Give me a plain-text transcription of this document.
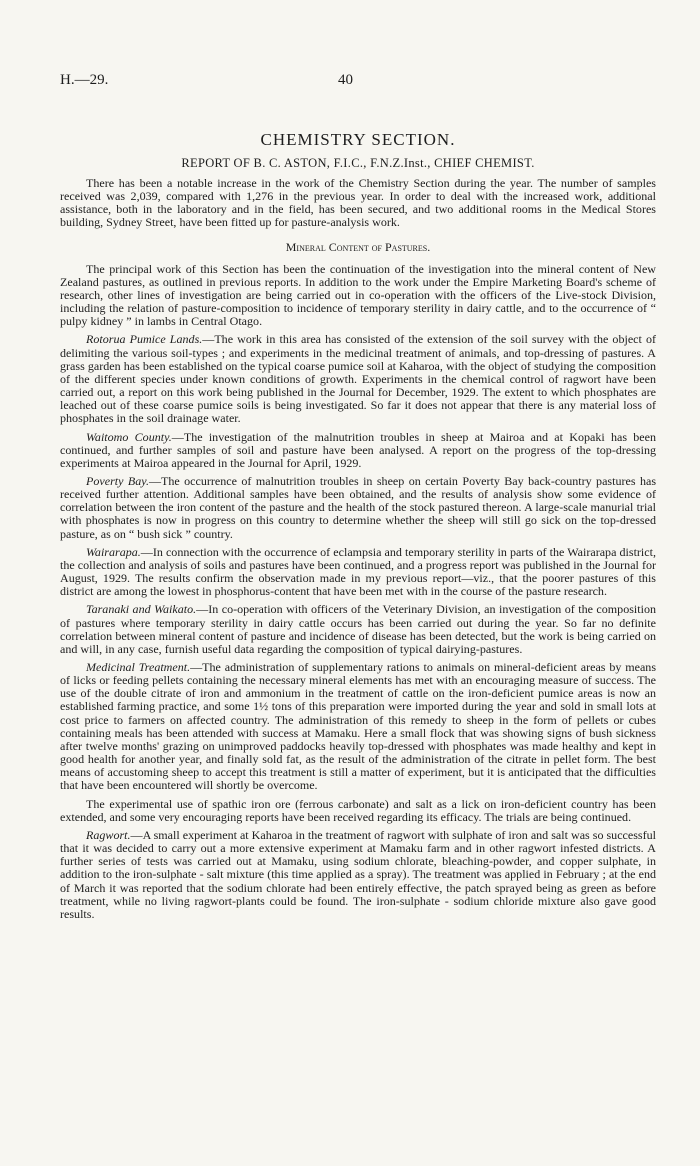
H.—29.	40
CHEMISTRY SECTION.
REPORT OF B. C. ASTON, F.I.C., F.N.Z.Inst., CHIEF CHEMIST.

There has been a notable increase in the work of the Chemistry Section during the year. The number of samples received was 2,039, compared with 1,276 in the previous year. In order to deal with the increased work, additional assistance, both in the laboratory and in the field, has been secured, and two additional rooms in the Medical Stores building, Sydney Street, have been fitted up for pasture-analysis work.

Mineral Content of Pastures.

The principal work of this Section has been the continuation of the investigation into the mineral content of New Zealand pastures, as outlined in previous reports. In addition to the work under the Empire Marketing Board's scheme of research, other lines of investigation are being carried out in co-operation with the officers of the Live-stock Division, including the relation of pasture-composition to incidence of temporary sterility in dairy cattle, and to the occurrence of “ pulpy kidney ” in lambs in Central Otago.

Rotorua Pumice Lands.—The work in this area has consisted of the extension of the soil survey with the object of delimiting the various soil-types ; and experiments in the medicinal treatment of animals, and top-dressing of pastures. A grass garden has been established on the typical coarse pumice soil at Kaharoa, with the object of studying the composition of the different species under known conditions of growth. Experiments in the chemical control of ragwort have been carried out, a report on this work being published in the Journal for December, 1929. The extent to which phosphates are leached out of these coarse pumice soils is being investigated. So far it does not appear that there is any material loss of phosphates in the soil drainage water.

Waitomo County.—The investigation of the malnutrition troubles in sheep at Mairoa and at Kopaki has been continued, and further samples of soil and pasture have been analysed. A report on the progress of the top-dressing experiments at Mairoa appeared in the Journal for April, 1929.

Poverty Bay.—The occurrence of malnutrition troubles in sheep on certain Poverty Bay back-country pastures has received further attention. Additional samples have been obtained, and the results of analysis show some evidence of correlation between the iron content of the pasture and the health of the stock pastured thereon. A large-scale manurial trial with phosphates is now in progress on this country to determine whether the sheep will still go sick on the top-dressed pasture, as on “ bush sick ” country.

Wairarapa.—In connection with the occurrence of eclampsia and temporary sterility in parts of the Wairarapa district, the collection and analysis of soils and pastures have been continued, and a progress report was published in the Journal for August, 1929. The results confirm the observation made in my previous report—viz., that the poorer pastures of this district are among the lowest in phosphorus-content that have been met with in the course of the pasture research.

Taranaki and Waikato.—In co-operation with officers of the Veterinary Division, an investigation of the composition of pastures where temporary sterility in dairy cattle occurs has been carried out during the year. So far no definite correlation between mineral content of pasture and incidence of disease has been detected, but the work is being carried on and will, in any case, furnish useful data regarding the composition of typical dairying-pastures.

Medicinal Treatment.—The administration of supplementary rations to animals on mineral-deficient areas by means of licks or feeding pellets containing the necessary mineral elements has met with an encouraging measure of success. The use of the double citrate of iron and ammonium in the treatment of cattle on the iron-deficient pumice areas is now an established farming practice, and some 1½ tons of this preparation were imported during the year and sold in small lots at cost price to farmers on affected country. The administration of this remedy to sheep in the form of pellets or cubes containing meals has been attended with success at Mamaku. Here a small flock that was showing signs of bush sickness after twelve months' grazing on unimproved paddocks heavily top-dressed with phosphates was made healthy and kept in good health for another year, and finally sold fat, as the result of the administration of the citrate in pellet form. The best means of accustoming sheep to accept this treatment is still a matter of experiment, but it is anticipated that the difficulties that have been encountered will shortly be overcome.

The experimental use of spathic iron ore (ferrous carbonate) and salt as a lick on iron-deficient country has been extended, and some very encouraging reports have been received regarding its efficacy. The trials are being continued.

Ragwort.—A small experiment at Kaharoa in the treatment of ragwort with sulphate of iron and salt was so successful that it was decided to carry out a more extensive experiment at Mamaku farm and in other ragwort infested districts. A further series of tests was carried out at Mamaku, using sodium chlorate, bleaching-powder, and copper sulphate, in addition to the iron-sulphate - salt mixture (this time applied as a spray). The treatment was applied in February ; at the end of March it was reported that the sodium chlorate had been entirely effective, the patch sprayed being as green as before treatment, while no living ragwort-plants could be found. The iron-sulphate - sodium chloride mixture also gave good results.
